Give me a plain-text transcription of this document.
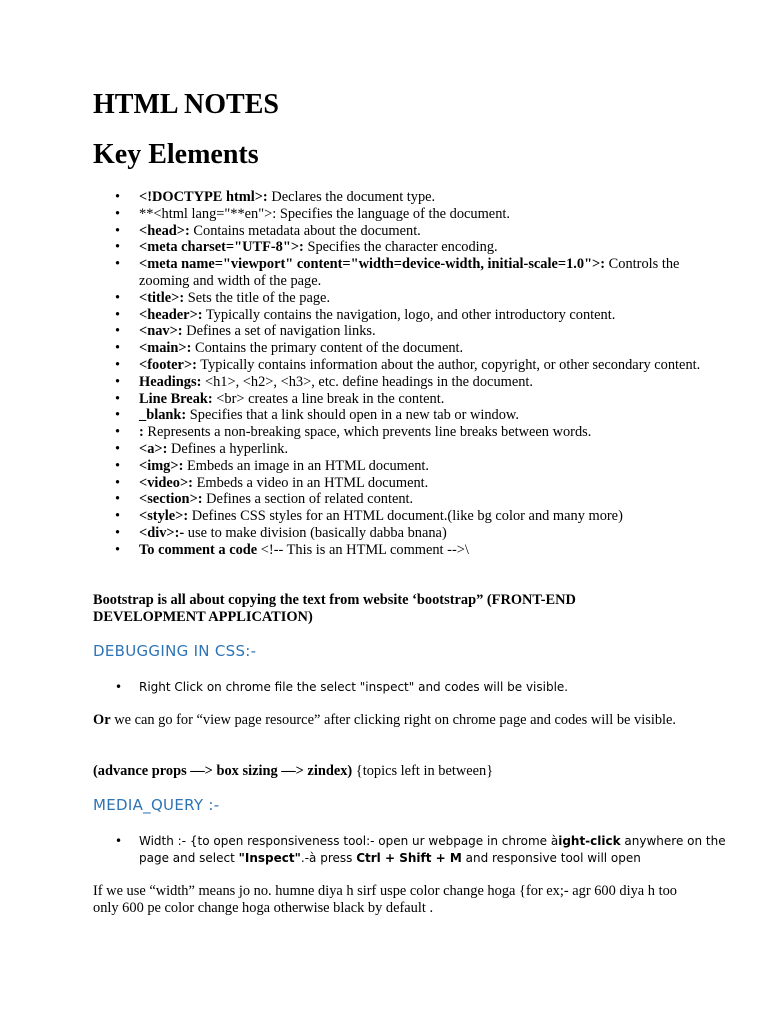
HTML NOTES
Key Elements
• <!DOCTYPE html>: Declares the document type.
• **<html lang="**en">: Specifies the language of the document.
• <head>: Contains metadata about the document.
• <meta charset="UTF-8">: Specifies the character encoding.
• <meta name="viewport" content="width=device-width, initial-scale=1.0">: Controls the zooming and width of the page.
• <title>: Sets the title of the page.
• <header>: Typically contains the navigation, logo, and other introductory content.
• <nav>: Defines a set of navigation links.
• <main>: Contains the primary content of the document.
• <footer>: Typically contains information about the author, copyright, or other secondary content.
• Headings: <h1>, <h2>, <h3>, etc. define headings in the document.
• Line Break: <br> creates a line break in the content.
• _blank: Specifies that a link should open in a new tab or window.
• : Represents a non-breaking space, which prevents line breaks between words.
• <a>: Defines a hyperlink.
• <img>: Embeds an image in an HTML document.
• <video>: Embeds a video in an HTML document.
• <section>: Defines a section of related content.
• <style>: Defines CSS styles for an HTML document.(like bg color and many more)
• <div>:- use to make division (basically dabba bnana)
• To comment a code <!-- This is an HTML comment -->\

Bootstrap is all about copying the text from website ‘bootstrap” (FRONT-END DEVELOPMENT APPLICATION)

DEBUGGING IN CSS:-
• Right Click on chrome file the select "inspect" and codes will be visible.

Or we can go for “view page resource” after clicking right on chrome page and codes will be visible.

(advance props —> box sizing —> zindex) {topics left in between}

MEDIA_QUERY :-
• Width :- {to open responsiveness tool:- open ur webpage in chrome àight-click anywhere on the page and select "Inspect".-à press Ctrl + Shift + M and responsive tool will open

If we use “width” means jo no. humne diya h sirf uspe color change hoga {for ex;- agr 600 diya h too only 600 pe color change hoga otherwise black by default .
